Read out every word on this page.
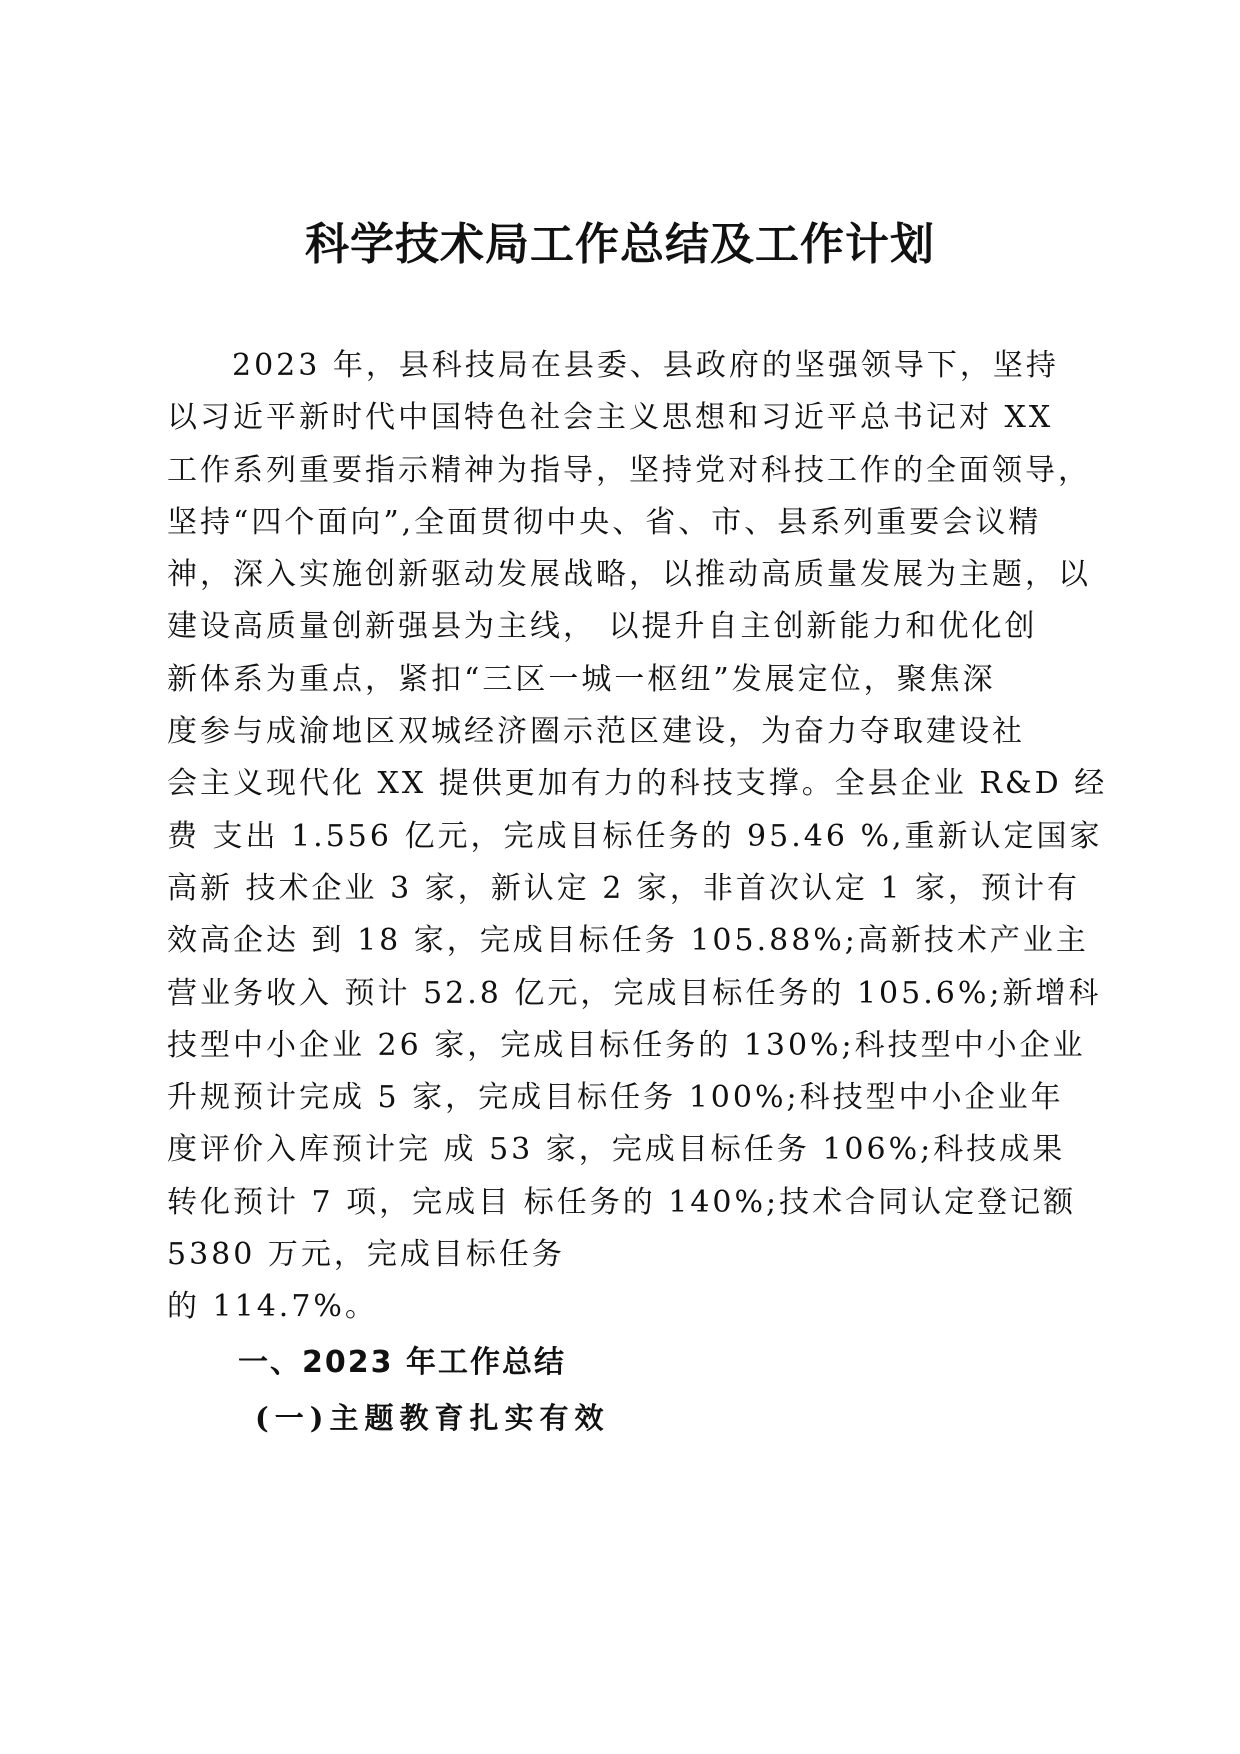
科学技术局工作总结及工作计划
2023 年，县科技局在县委、县政府的坚强领导下，坚持
以习近平新时代中国特色社会主义思想和习近平总书记对 XX
工作系列重要指示精神为指导，坚持党对科技工作的全面领导，
坚持“四个面向”,全面贯彻中央、省、市、县系列重要会议精
神，深入实施创新驱动发展战略，以推动高质量发展为主题，以
建设高质量创新强县为主线， 以提升自主创新能力和优化创
新体系为重点，紧扣“三区一城一枢纽”发展定位，聚焦深
度参与成渝地区双城经济圈示范区建设，为奋力夺取建设社
会主义现代化 XX 提供更加有力的科技支撑。全县企业 R&D 经
费 支出 1.556 亿元，完成目标任务的 95.46 %,重新认定国家
高新 技术企业 3 家，新认定 2 家，非首次认定 1 家，预计有
效高企达 到 18 家，完成目标任务 105.88%;高新技术产业主
营业务收入 预计 52.8 亿元，完成目标任务的 105.6%;新增科
技型中小企业 26 家，完成目标任务的 130%;科技型中小企业
升规预计完成 5 家，完成目标任务 100%;科技型中小企业年
度评价入库预计完 成 53 家，完成目标任务 106%;科技成果
转化预计 7 项，完成目 标任务的 140%;技术合同认定登记额
5380 万元，完成目标任务
的 114.7%。
一、2023 年工作总结
(一)主题教育扎实有效
